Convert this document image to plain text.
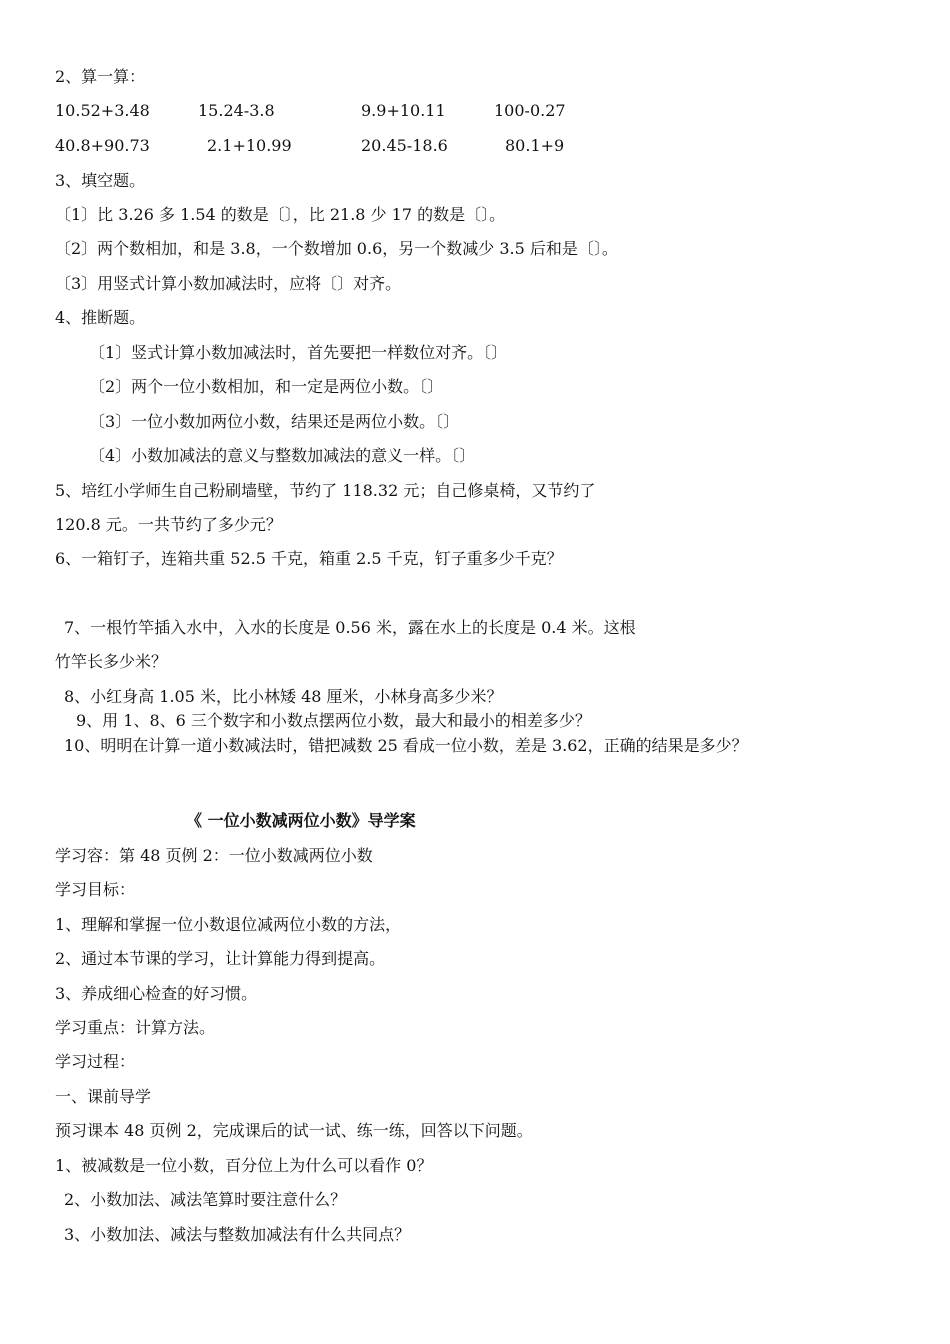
2、算一算：
10.52+3.48	15.24-3.8	9.9+10.11	100-0.27
40.8+90.73	2.1+10.99	20.45-18.6	80.1+9
3、填空题。
〔1〕比 3.26 多 1.54 的数是〔〕，比 21.8 少 17 的数是〔〕。
〔2〕两个数相加，和是 3.8，一个数增加 0.6，另一个数减少 3.5 后和是〔〕。
〔3〕用竖式计算小数加减法时，应将〔〕对齐。
4、推断题。
〔1〕竖式计算小数加减法时，首先要把一样数位对齐。〔〕
〔2〕两个一位小数相加，和一定是两位小数。〔〕
〔3〕一位小数加两位小数，结果还是两位小数。〔〕
〔4〕小数加减法的意义与整数加减法的意义一样。〔〕
5、培红小学师生自己粉刷墙壁，节约了 118.32 元；自己修桌椅，又节约了
120.8 元。一共节约了多少元？
6、一箱钉子，连箱共重 52.5 千克，箱重 2.5 千克，钉子重多少千克？
7、一根竹竿插入水中，入水的长度是 0.56 米，露在水上的长度是 0.4 米。这根
竹竿长多少米？
8、小红身高 1.05 米，比小林矮 48 厘米，小林身高多少米？
9、用 1、8、6 三个数字和小数点摆两位小数，最大和最小的相差多少？
10、明明在计算一道小数减法时，错把减数 25 看成一位小数，差是 3.62，正确的结果是多少？
《 一位小数减两位小数》导学案
学习容：第 48 页例 2：一位小数减两位小数
学习目标：
1、理解和掌握一位小数退位减两位小数的方法，
2、通过本节课的学习，让计算能力得到提高。
3、养成细心检查的好习惯。
学习重点：计算方法。
学习过程：
一、课前导学
预习课本 48 页例 2，完成课后的试一试、练一练，回答以下问题。
1、被减数是一位小数，百分位上为什么可以看作 0？
2、小数加法、减法笔算时要注意什么？
3、小数加法、减法与整数加减法有什么共同点？
